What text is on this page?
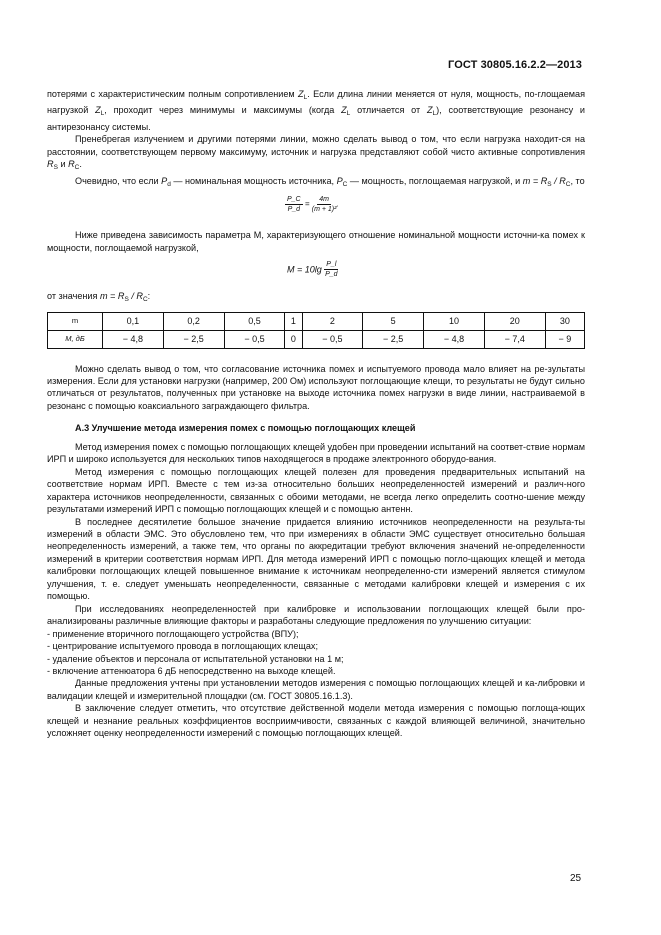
ГОСТ 30805.16.2.2—2013

потерями с характеристическим полным сопротивлением $Z_L$. Если длина линии меняется от нуля, мощность, по-глощаемая нагрузкой $Z_L$, проходит через минимумы и максимумы (когда $Z_L$ отличается от $Z_L$), соответствующие резонансу и антирезонансу системы.

Пренебрегая излучением и другими потерями линии, можно сделать вывод о том, что если нагрузка находит-ся на расстоянии, соответствующем первому максимуму, источник и нагрузка представляют собой чисто активные сопротивления $R_S$ и $R_C$.

Очевидно, что если $P_d$ — номинальная мощность источника, $P_C$ — мощность, поглощаемая нагрузкой, и $m = R_S / R_C$, то

$\frac{P\_C}{P\_d} = \frac{4m}{\text{(m + 1)²}}$ .

Ниже приведена зависимость параметра M, характеризующего отношение номинальной мощности источни-ка помех к мощности, поглощаемой нагрузкой,

$M = 10\lg \frac{P\_l}{P\_d}$

от значения $m = R_S / R_C$:

m	0,1	0,2	0,5	1	2	5	10	20	30
M, дБ	− 4,8	− 2,5	− 0,5	0	− 0,5	− 2,5	− 4,8	− 7,4	− 9

Можно сделать вывод о том, что согласование источника помех и испытуемого провода мало влияет на ре-зультаты измерения. Если для установки нагрузки (например, 200 Ом) используют поглощающие клещи, то результаты не будут сильно отличаться от результатов, полученных при установке на выходе источника помех нагрузки в виде линии, настраиваемой в резонанс с помощью коаксиального заграждающего фильтра.

А.3 Улучшение метода измерения помех с помощью поглощающих клещей

Метод измерения помех с помощью поглощающих клещей удобен при проведении испытаний на соответ-ствие нормам ИРП и широко используется для нескольких типов находящегося в продаже электронного оборудо-вания.

Метод измерения с помощью поглощающих клещей полезен для проведения предварительных испытаний на соответствие нормам ИРП. Вместе с тем из-за относительно больших неопределенностей измерений и различ-ного характера источников неопределенности, связанных с обоими методами, не всегда легко определить соотно-шение между результатами измерений ИРП с помощью поглощающих клещей и с помощью антенн.

В последнее десятилетие большое значение придается влиянию источников неопределенности на результа-ты измерений в области ЭМС. Это обусловлено тем, что при измерениях в области ЭМС существует относительно большая неопределенность измерений, а также тем, что органы по аккредитации требуют включения значений не-определенности измерений в критерии соответствия нормам ИРП. Для метода измерений ИРП с помощью погло-щающих клещей и метода калибровки поглощающих клещей повышенное внимание к источникам неопределенно-сти измерений является стимулом улучшения, т. е. следует уменьшать неопределенности, связанные с методами калибровки клещей и измерения с их помощью.

При исследованиях неопределенностей при калибровке и использовании поглощающих клещей были про-анализированы различные влияющие факторы и разработаны следующие предложения по улучшению ситуации:

- применение вторичного поглощающего устройства (ВПУ);

- центрирование испытуемого провода в поглощающих клещах;

- удаление объектов и персонала от испытательной установки на 1 м;

- включение аттенюатора 6 дБ непосредственно на выходе клещей.

Данные предложения учтены при установлении методов измерения с помощью поглощающих клещей и ка-либровки и валидации клещей и измерительной площадки (см. ГОСТ 30805.16.1.3).

В заключение следует отметить, что отсутствие действенной модели метода измерения с помощью поглоща-ющих клещей и незнание реальных коэффициентов восприимчивости, связанных с каждой влияющей величиной, значительно усложняет оценку неопределенности измерений с помощью поглощающих клещей.

25
